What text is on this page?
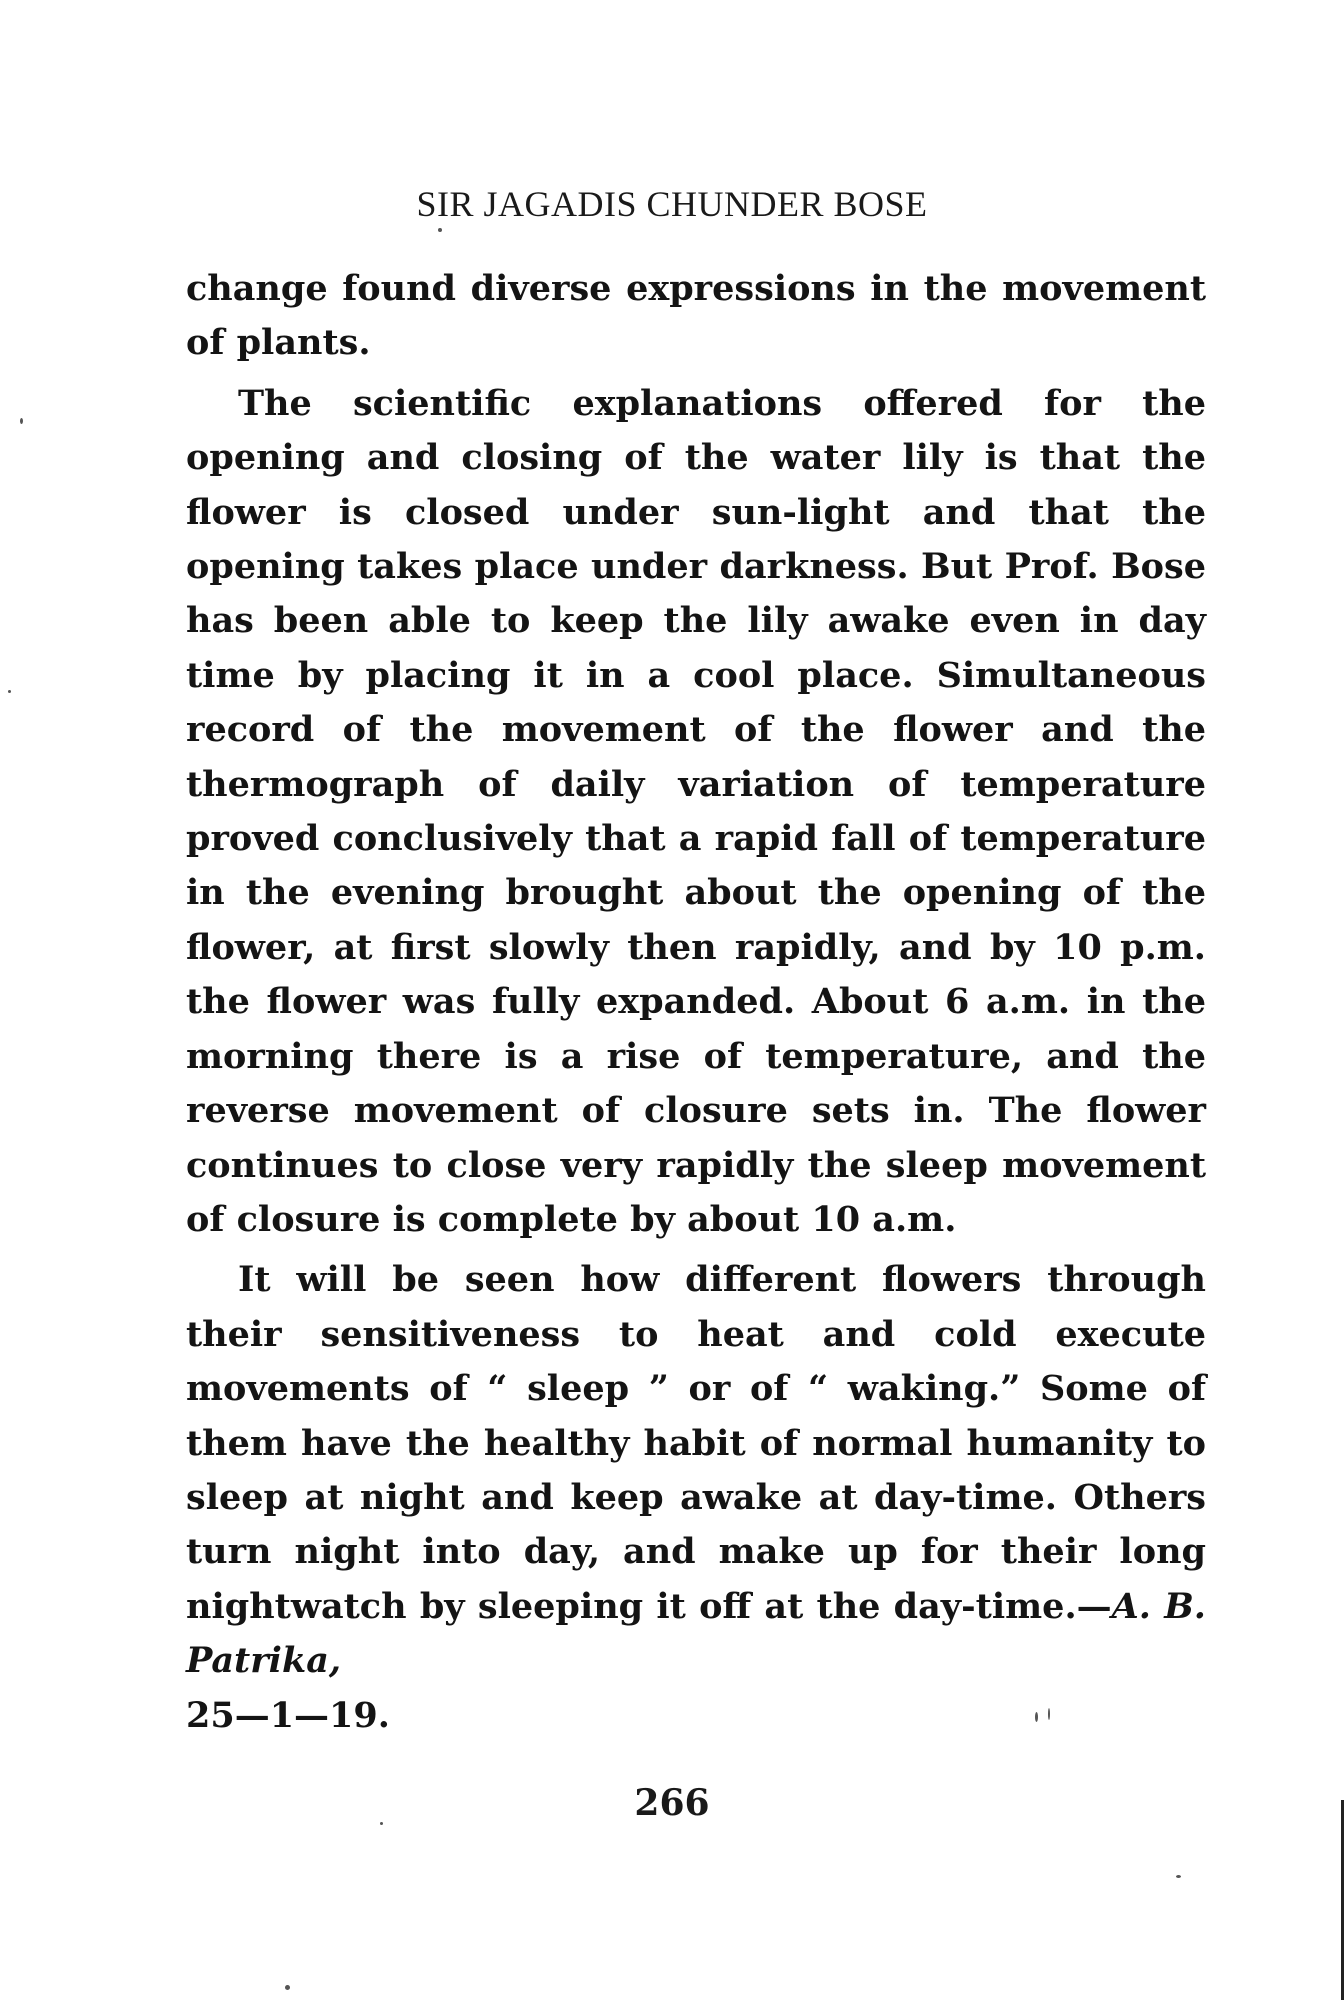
SIR JAGADIS CHUNDER BOSE

change found diverse expressions in the movement of plants.

The scientific explanations offered for the opening and closing of the water lily is that the flower is closed under sun-light and that the opening takes place under darkness. But Prof. Bose has been able to keep the lily awake even in day time by placing it in a cool place. Simultaneous record of the movement of the flower and the thermograph of daily variation of temperature proved conclusively that a rapid fall of temperature in the evening brought about the opening of the flower, at first slowly then rapidly, and by 10 p.m. the flower was fully expanded. About 6 a.m. in the morning there is a rise of temperature, and the reverse movement of closure sets in. The flower continues to close very rapidly the sleep movement of closure is complete by about 10 a.m.

It will be seen how different flowers through their sensitiveness to heat and cold execute movements of “ sleep ” or of “ waking.” Some of them have the healthy habit of normal humanity to sleep at night and keep awake at day-time. Others turn night into day, and make up for their long nightwatch by sleeping it off at the day-time.—A. B. Patrika,
25—1—19.

266
